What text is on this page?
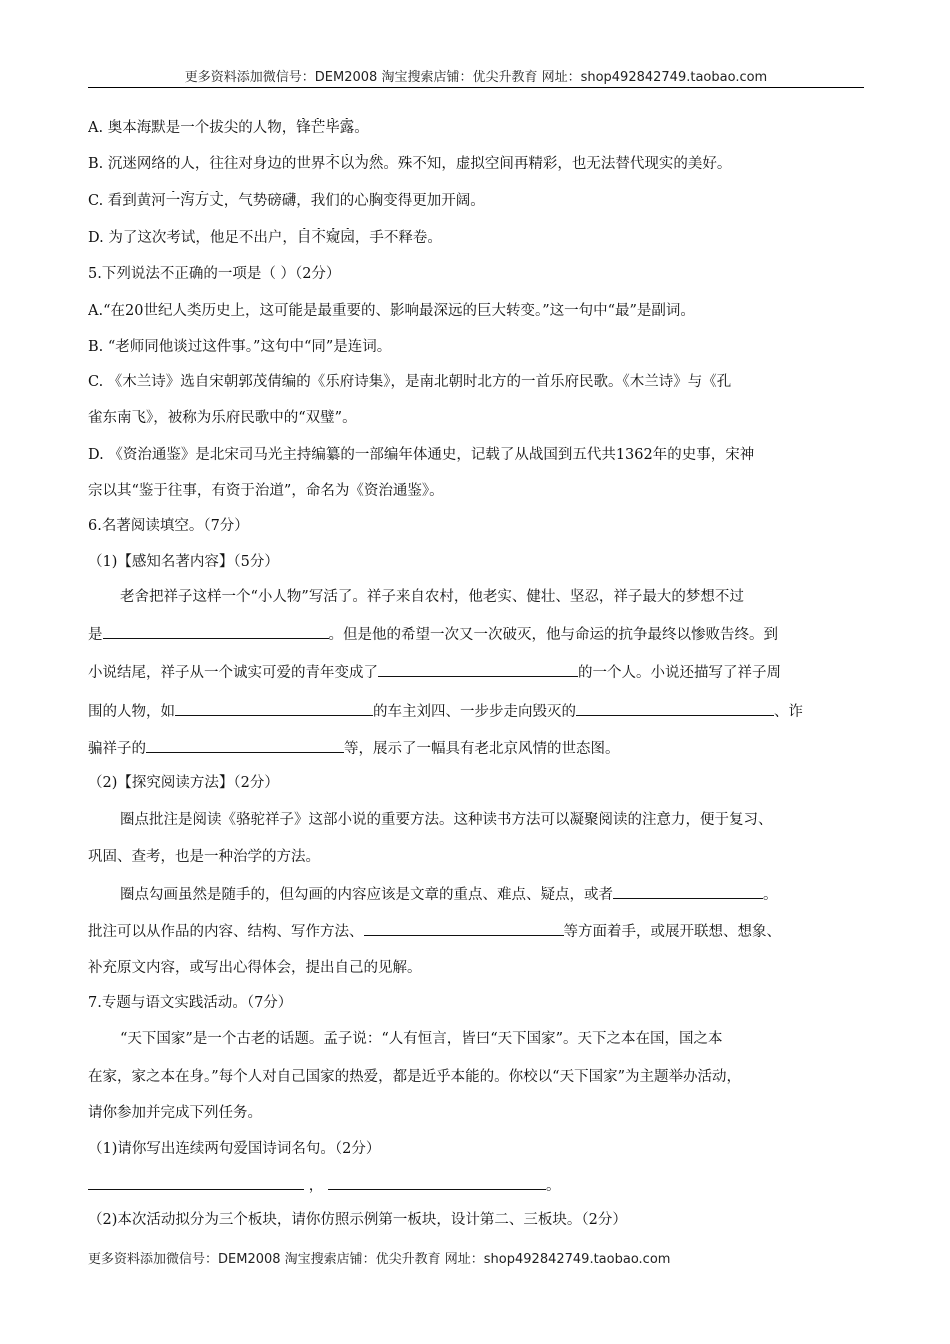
更多资料添加微信号：DEM2008 淘宝搜索店铺：优尖升教育 网址：shop492842749.taobao.com
A. 奥本海默是一个拔尖的人物，锋芒毕露。
B. 沉迷网络的人，往往对身边的世界不以为然。殊不知，虚拟空间再精彩，也无法替代现实的美好。
C. 看到黄河一泻万丈，气势磅礴，我们的心胸变得更加开阔。
D. 为了这次考试，他足不出户，目不窥园，手不释卷。
5.下列说法不正确的一项是（ ）（2分）
A.“在20世纪人类历史上，这可能是最重要的、影响最深远的巨大转变。”这一句中“最”是副词。
B. “老师同他谈过这件事。”这句中“同”是连词。
C. 《木兰诗》选自宋朝郭茂倩编的《乐府诗集》，是南北朝时北方的一首乐府民歌。《木兰诗》与《孔
雀东南飞》，被称为乐府民歌中的“双璧”。
D. 《资治通鉴》是北宋司马光主持编纂的一部编年体通史，记载了从战国到五代共1362年的史事，宋神
宗以其“鉴于往事，有资于治道”，命名为《资治通鉴》。
6.名著阅读填空。（7分）
（1)【感知名著内容】（5分）
老舍把祥子这样一个“小人物”写活了。祥子来自农村，他老实、健壮、坚忍，祥子最大的梦想不过
是	。但是他的希望一次又一次破灭，他与命运的抗争最终以惨败告终。到
小说结尾，祥子从一个诚实可爱的青年变成了	的一个人。小说还描写了祥子周
围的人物，如	的车主刘四、一步步走向毁灭的	、诈
骗祥子的	等，展示了一幅具有老北京风情的世态图。
（2)【探究阅读方法】（2分）
圈点批注是阅读《骆驼祥子》这部小说的重要方法。这种读书方法可以凝聚阅读的注意力，便于复习、
巩固、查考，也是一种治学的方法。
圈点勾画虽然是随手的，但勾画的内容应该是文章的重点、难点、疑点，或者	。
批注可以从作品的内容、结构、写作方法、	等方面着手，或展开联想、想象、
补充原文内容，或写出心得体会，提出自己的见解。
7.专题与语文实践活动。（7分）
“天下国家”是一个古老的话题。孟子说：“人有恒言，皆曰“天下国家”。天下之本在国，国之本
在家，家之本在身。”每个人对自己国家的热爱，都是近乎本能的。你校以“天下国家”为主题举办活动，
请你参加并完成下列任务。
（1)请你写出连续两句爱国诗词名句。（2分）
，	。
（2)本次活动拟分为三个板块，请你仿照示例第一板块，设计第二、三板块。（2分）
更多资料添加微信号：DEM2008 淘宝搜索店铺：优尖升教育 网址：shop492842749.taobao.com
